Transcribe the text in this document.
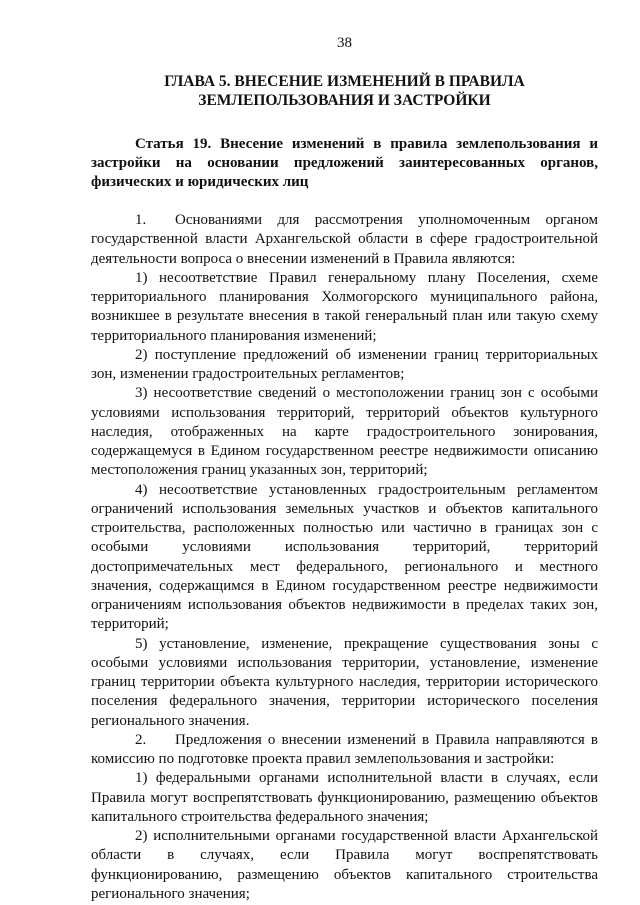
38
ГЛАВА 5. ВНЕСЕНИЕ ИЗМЕНЕНИЙ В ПРАВИЛА
ЗЕМЛЕПОЛЬЗОВАНИЯ И ЗАСТРОЙКИ
Статья 19. Внесение изменений в правила землепользования и застройки на основании предложений заинтересованных органов, физических и юридических лиц

1. Основаниями для рассмотрения уполномоченным органом государственной власти Архангельской области в сфере градостроительной деятельности вопроса о внесении изменений в Правила являются:

1) несоответствие Правил генеральному плану Поселения, схеме территориального планирования Холмогорского муниципального района, возникшее в результате внесения в такой генеральный план или такую схему территориального планирования изменений;

2) поступление предложений об изменении границ территориальных зон, изменении градостроительных регламентов;

3) несоответствие сведений о местоположении границ зон с особыми условиями использования территорий, территорий объектов культурного наследия, отображенных на карте градостроительного зонирования, содержащемуся в Едином государственном реестре недвижимости описанию местоположения границ указанных зон, территорий;

4) несоответствие установленных градостроительным регламентом ограничений использования земельных участков и объектов капитального строительства, расположенных полностью или частично в границах зон с особыми условиями использования территорий, территорий достопримечательных мест федерального, регионального и местного значения, содержащимся в Едином государственном реестре недвижимости ограничениям использования объектов недвижимости в пределах таких зон, территорий;

5) установление, изменение, прекращение существования зоны с особыми условиями использования территории, установление, изменение границ территории объекта культурного наследия, территории исторического поселения федерального значения, территории исторического поселения регионального значения.

2. Предложения о внесении изменений в Правила направляются в комиссию по подготовке проекта правил землепользования и застройки:

1) федеральными органами исполнительной власти в случаях, если Правила могут воспрепятствовать функционированию, размещению объектов капитального строительства федерального значения;

2) исполнительными органами государственной власти Архангельской области в случаях, если Правила могут воспрепятствовать функционированию, размещению объектов капитального строительства регионального значения;
